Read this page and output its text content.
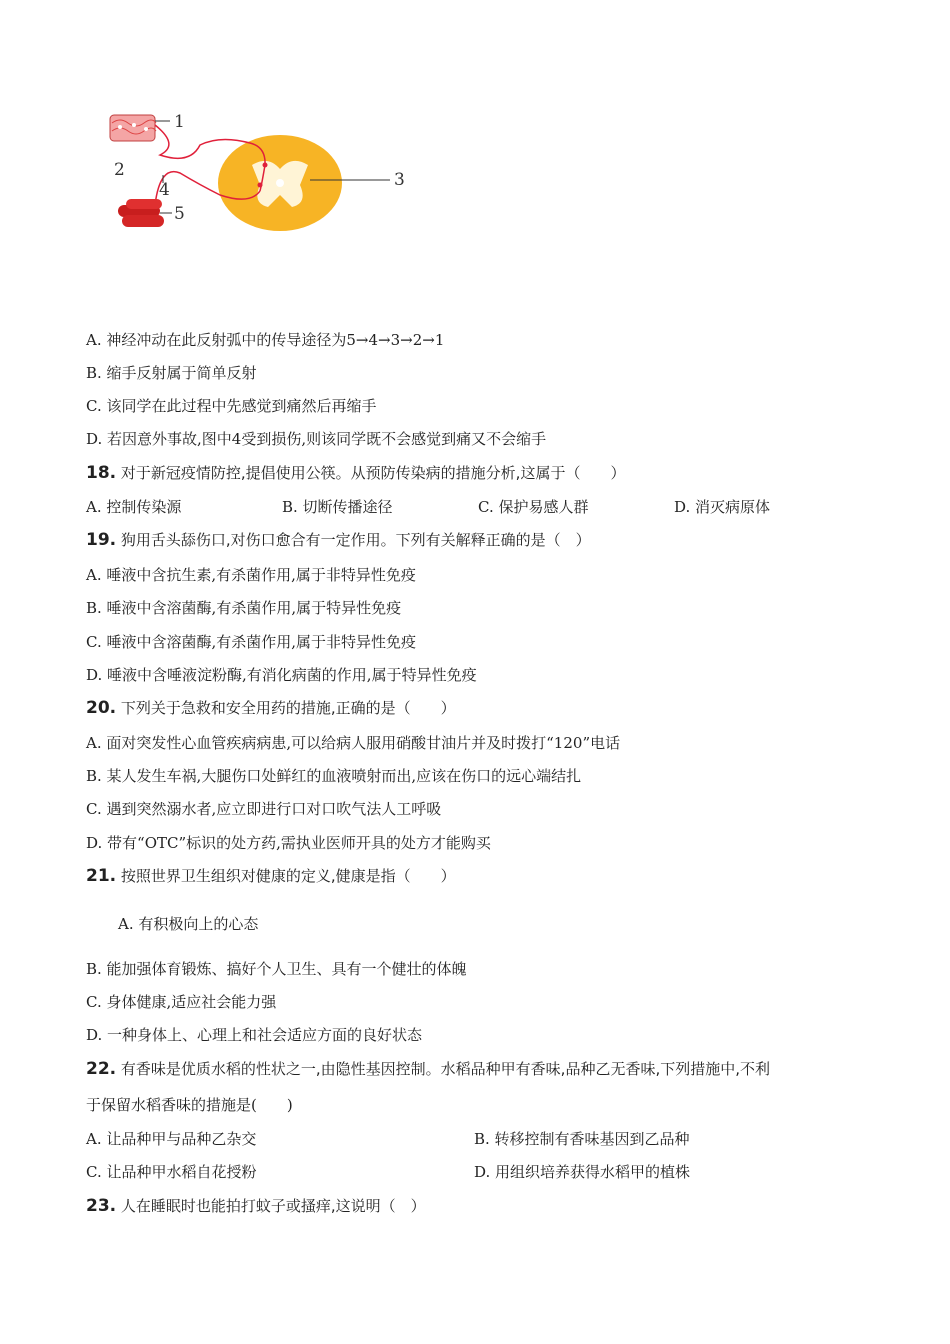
1
2	3
4
5
A. 神经冲动在此反射弧中的传导途径为5→4→3→2→1
B. 缩手反射属于简单反射
C. 该同学在此过程中先感觉到痛然后再缩手
D. 若因意外事故,图中4受到损伤,则该同学既不会感觉到痛又不会缩手
18. 对于新冠疫情防控,提倡使用公筷。从预防传染病的措施分析,这属于（　　）
A. 控制传染源	B. 切断传播途径	C. 保护易感人群	D. 消灭病原体
19. 狗用舌头舔伤口,对伤口愈合有一定作用。下列有关解释正确的是（　）
A. 唾液中含抗生素,有杀菌作用,属于非特异性免疫
B. 唾液中含溶菌酶,有杀菌作用,属于特异性免疫
C. 唾液中含溶菌酶,有杀菌作用,属于非特异性免疫
D. 唾液中含唾液淀粉酶,有消化病菌的作用,属于特异性免疫
20. 下列关于急救和安全用药的措施,正确的是（　　）
A. 面对突发性心血管疾病病患,可以给病人服用硝酸甘油片并及时拨打“120”电话
B. 某人发生车祸,大腿伤口处鲜红的血液喷射而出,应该在伤口的远心端结扎
C. 遇到突然溺水者,应立即进行口对口吹气法人工呼吸
D. 带有“OTC”标识的处方药,需执业医师开具的处方才能购买
21. 按照世界卫生组织对健康的定义,健康是指（　　）
A. 有积极向上的心态
B. 能加强体育锻炼、搞好个人卫生、具有一个健壮的体魄
C. 身体健康,适应社会能力强
D. 一种身体上、心理上和社会适应方面的良好状态
22. 有香味是优质水稻的性状之一,由隐性基因控制。水稻品种甲有香味,品种乙无香味,下列措施中,不利
于保留水稻香味的措施是(　　)
A. 让品种甲与品种乙杂交	B. 转移控制有香味基因到乙品种
C. 让品种甲水稻自花授粉	D. 用组织培养获得水稻甲的植株
23. 人在睡眠时也能拍打蚊子或搔痒,这说明（　）
